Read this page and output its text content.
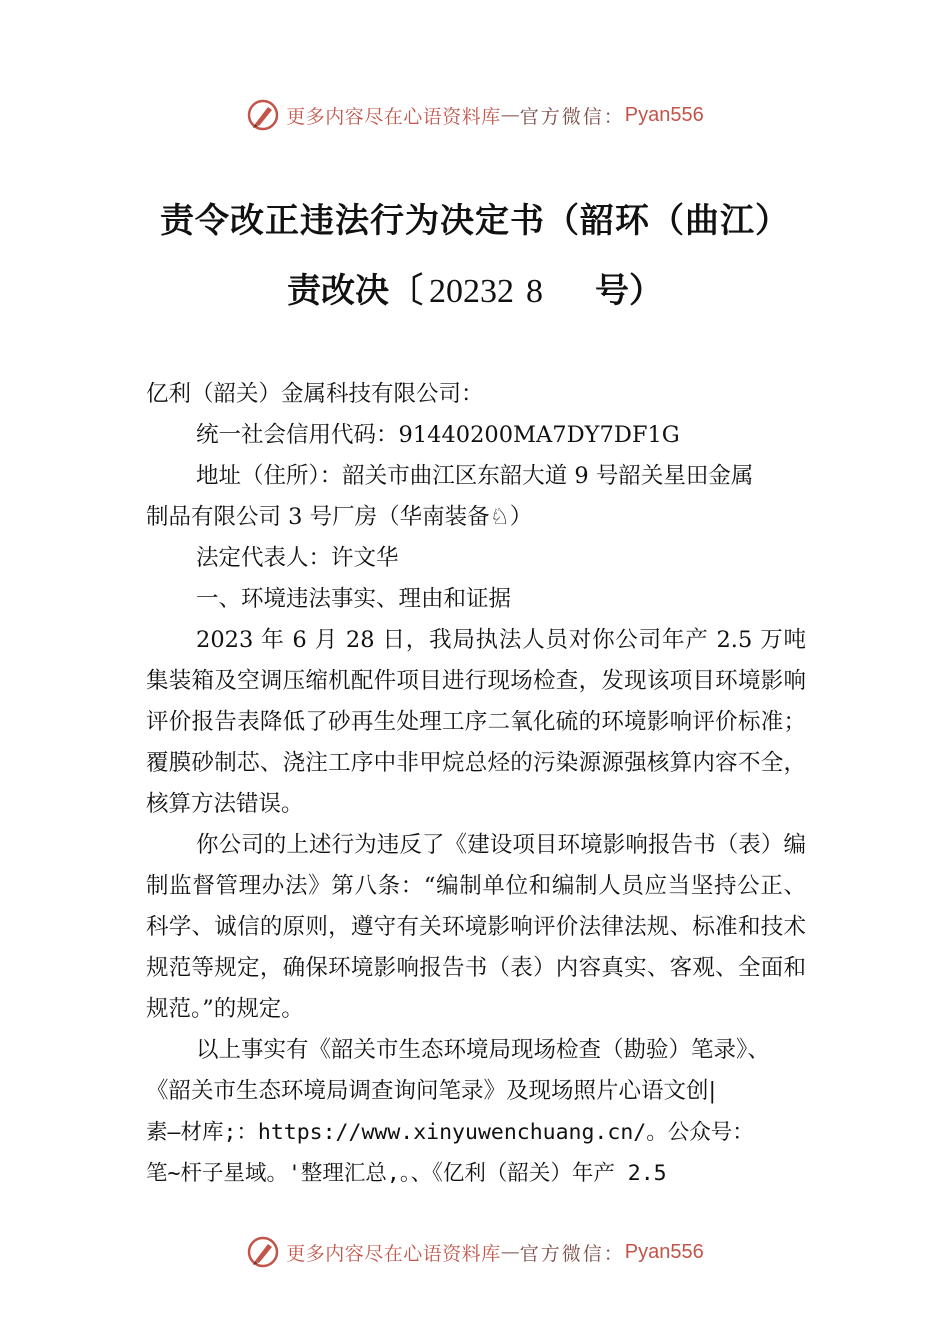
更多内容尽在心语资料库 — 官方微信： Pyan556
责令改正违法行为决定书（韶环（曲江）
责改决〔 20232 8 号）

亿利（韶关）金属科技有限公司：

统一社会信用代码：91440200MA7DY7DF1G

地址（住所）：韶关市曲江区东韶大道 9 号韶关星田金属

制品有限公司 3 号厂房（华南装备♘）

法定代表人：许文华

一、环境违法事实、理由和证据

2023 年 6 月 28 日，我局执法人员对你公司年产 2.5 万吨集装箱及空调压缩机配件项目进行现场检查，发现该项目环境影响评价报告表降低了砂再生处理工序二氧化硫的环境影响评价标准；覆膜砂制芯、浇注工序中非甲烷总烃的污染源源强核算内容不全，核算方法错误。

你公司的上述行为违反了《建设项目环境影响报告书（表）编制监督管理办法》第八条：“编制单位和编制人员应当坚持公正、科学、诚信的原则，遵守有关环境影响评价法律法规、标准和技术规范等规定，确保环境影响报告书（表）内容真实、客观、全面和规范。”的规定。

以上事实有《韶关市生态环境局现场检查（勘验）笔录》、

《韶关市生态环境局调查询问笔录》及现场照片心语文创|

素—材库;：https://www.xinyuwenchuang.cn/。公众号：

笔~杆子星域。'整理汇总,。、《亿利（韶关）年产 2.5

更多内容尽在心语资料库 — 官方微信： Pyan556
